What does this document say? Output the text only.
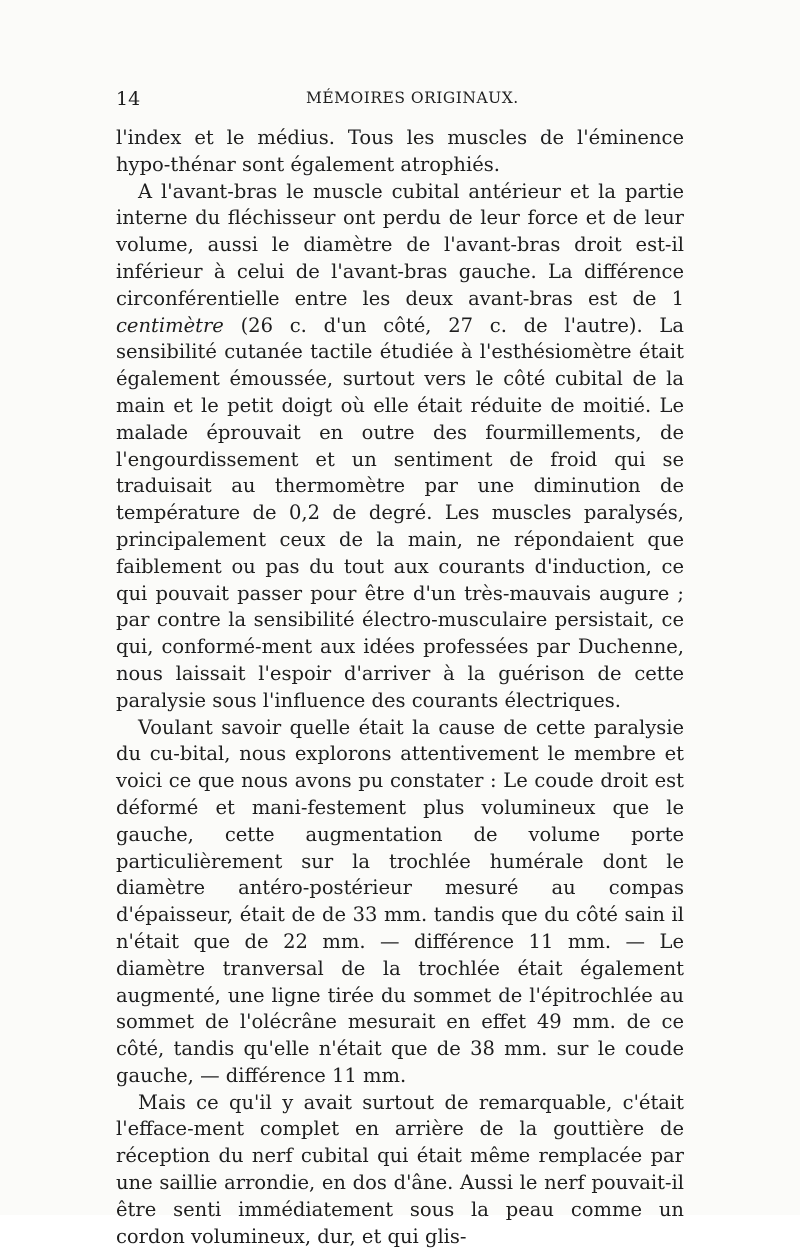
14	MÉMOIRES ORIGINAUX.

l'index et le médius. Tous les muscles de l'éminence hypo-thénar sont également atrophiés.

A l'avant-bras le muscle cubital antérieur et la partie interne du fléchisseur ont perdu de leur force et de leur volume, aussi le diamètre de l'avant-bras droit est-il inférieur à celui de l'avant-bras gauche. La différence circonférentielle entre les deux avant-bras est de 1 centimètre (26 c. d'un côté, 27 c. de l'autre). La sensibilité cutanée tactile étudiée à l'esthésiomètre était également émoussée, surtout vers le côté cubital de la main et le petit doigt où elle était réduite de moitié. Le malade éprouvait en outre des fourmillements, de l'engourdissement et un sentiment de froid qui se traduisait au thermomètre par une diminution de température de 0,2 de degré. Les muscles paralysés, principalement ceux de la main, ne répondaient que faiblement ou pas du tout aux courants d'induction, ce qui pouvait passer pour être d'un très-mauvais augure ; par contre la sensibilité électro-musculaire persistait, ce qui, conformé-ment aux idées professées par Duchenne, nous laissait l'espoir d'arriver à la guérison de cette paralysie sous l'influence des courants électriques.

Voulant savoir quelle était la cause de cette paralysie du cu-bital, nous explorons attentivement le membre et voici ce que nous avons pu constater : Le coude droit est déformé et mani-festement plus volumineux que le gauche, cette augmentation de volume porte particulièrement sur la trochlée humérale dont le diamètre antéro-postérieur mesuré au compas d'épaisseur, était de de 33 mm. tandis que du côté sain il n'était que de 22 mm. — différence 11 mm. — Le diamètre tranversal de la trochlée était également augmenté, une ligne tirée du sommet de l'épitrochlée au sommet de l'olécrâne mesurait en effet 49 mm. de ce côté, tandis qu'elle n'était que de 38 mm. sur le coude gauche, — différence 11 mm.

Mais ce qu'il y avait surtout de remarquable, c'était l'efface-ment complet en arrière de la gouttière de réception du nerf cubital qui était même remplacée par une saillie arrondie, en dos d'âne. Aussi le nerf pouvait-il être senti immédiatement sous la peau comme un cordon volumineux, dur, et qui glis-
